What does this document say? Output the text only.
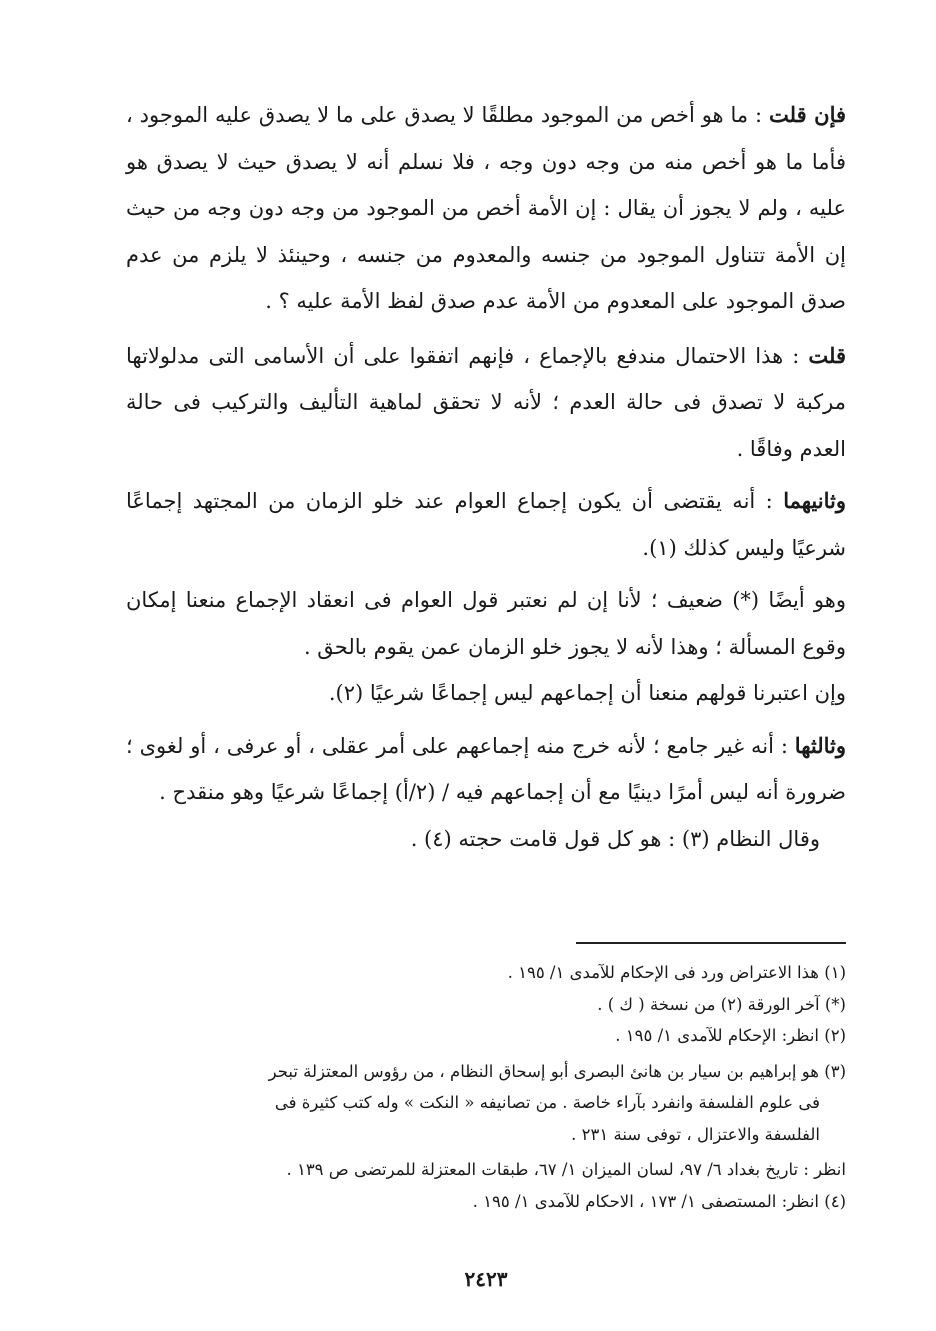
فإن قلت : ما هو أخص من الموجود مطلقًا لا يصدق على ما لا يصدق عليه الموجود ، فأما ما هو أخص منه من وجه دون وجه ، فلا نسلم أنه لا يصدق حيث لا يصدق هو عليه ، ولم لا يجوز أن يقال : إن الأمة أخص من الموجود من وجه دون وجه من حيث إن الأمة تتناول الموجود من جنسه والمعدوم من جنسه ، وحينئذ لا يلزم من عدم صدق الموجود على المعدوم من الأمة عدم صدق لفظ الأمة عليه ؟ .

قلت : هذا الاحتمال مندفع بالإجماع ، فإنهم اتفقوا على أن الأسامى التى مدلولاتها مركبة لا تصدق فى حالة العدم ؛ لأنه لا تحقق لماهية التأليف والتركيب فى حالة العدم وفاقًا .

وثانيهما : أنه يقتضى أن يكون إجماع العوام عند خلو الزمان من المجتهد إجماعًا شرعيًا وليس كذلك (١).

وهو أيضًا (*) ضعيف ؛ لأنا إن لم نعتبر قول العوام فى انعقاد الإجماع منعنا إمكان وقوع المسألة ؛ وهذا لأنه لا يجوز خلو الزمان عمن يقوم بالحق .

وإن اعتبرنا قولهم منعنا أن إجماعهم ليس إجماعًا شرعيًا (٢).

وثالثها : أنه غير جامع ؛ لأنه خرج منه إجماعهم على أمر عقلى ، أو عرفى ، أو لغوى ؛ ضرورة أنه ليس أمرًا دينيًا مع أن إجماعهم فيه / (٢/أ) إجماعًا شرعيًا وهو منقدح .

وقال النظام (٣) : هو كل قول قامت حجته (٤) .

(١) هذا الاعتراض ورد فى الإحكام للآمدى ١/ ١٩٥ .

(*) آخر الورقة (٢) من نسخة ( ك ) .

(٢) انظر: الإحكام للآمدى ١/ ١٩٥ .

(٣) هو إبراهيم بن سيار بن هانئ البصرى أبو إسحاق النظام ، من رؤوس المعتزلة تبحر

فى علوم الفلسفة وانفرد بآراء خاصة . من تصانيفه « النكت » وله كتب كثيرة فى

الفلسفة والاعتزال ، توفى سنة ٢٣١ .

انظر : تاريخ بغداد ٦/ ٩٧، لسان الميزان ١/ ٦٧، طبقات المعتزلة للمرتضى ص ١٣٩ .

(٤) انظر: المستصفى ١/ ١٧٣ ، الاحكام للآمدى ١/ ١٩٥ .

٢٤٢٣
